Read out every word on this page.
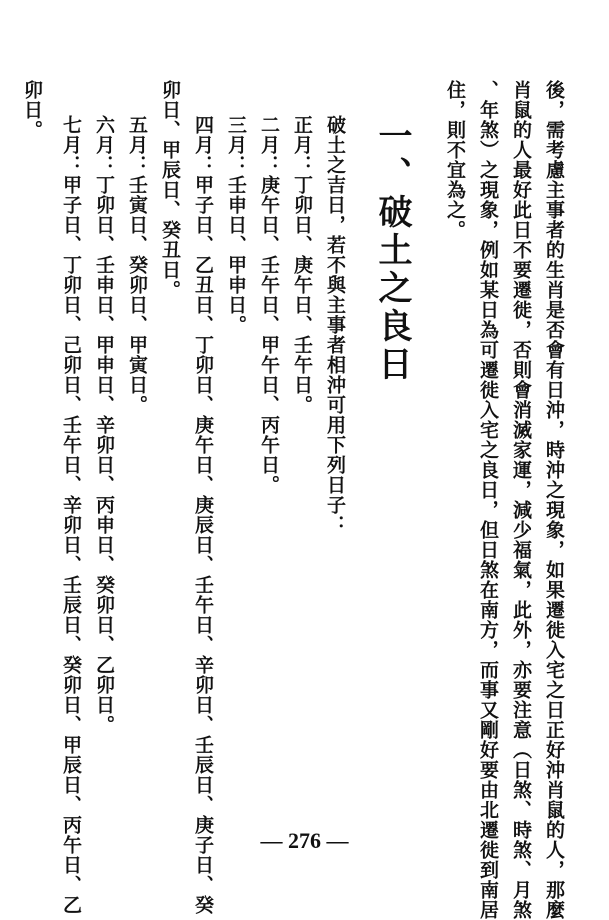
後，需考慮主事者的生肖是否會有日沖，時沖之現象，如果遷徙入宅之日正好沖肖鼠的人，那麼
肖鼠的人最好此日不要遷徙，否則會消滅家運，減少福氣，此外，亦要注意（日煞、時煞、月煞
、年煞）之現象，例如某日為可遷徙入宅之良日，但日煞在南方，而事又剛好要由北遷徙到南居
住，則不宜為之。
一、破土之良日
破土之吉日，若不與主事者相沖可用下列日子：
正月：丁卯日、庚午日、壬午日。
二月：庚午日、壬午日、甲午日、丙午日。
三月：壬申日、甲申日。
四月：甲子日、乙丑日、丁卯日、庚午日、庚辰日、壬午日、辛卯日、壬辰日、庚子日、癸
卯日、甲辰日、癸丑日。
五月：壬寅日、癸卯日、甲寅日。
六月：丁卯日、壬申日、甲申日、辛卯日、丙申日、癸卯日、乙卯日。
七月：甲子日、丁卯日、己卯日、壬午日、辛卯日、壬辰日、癸卯日、甲辰日、丙午日、乙
卯日。
— 276 —
